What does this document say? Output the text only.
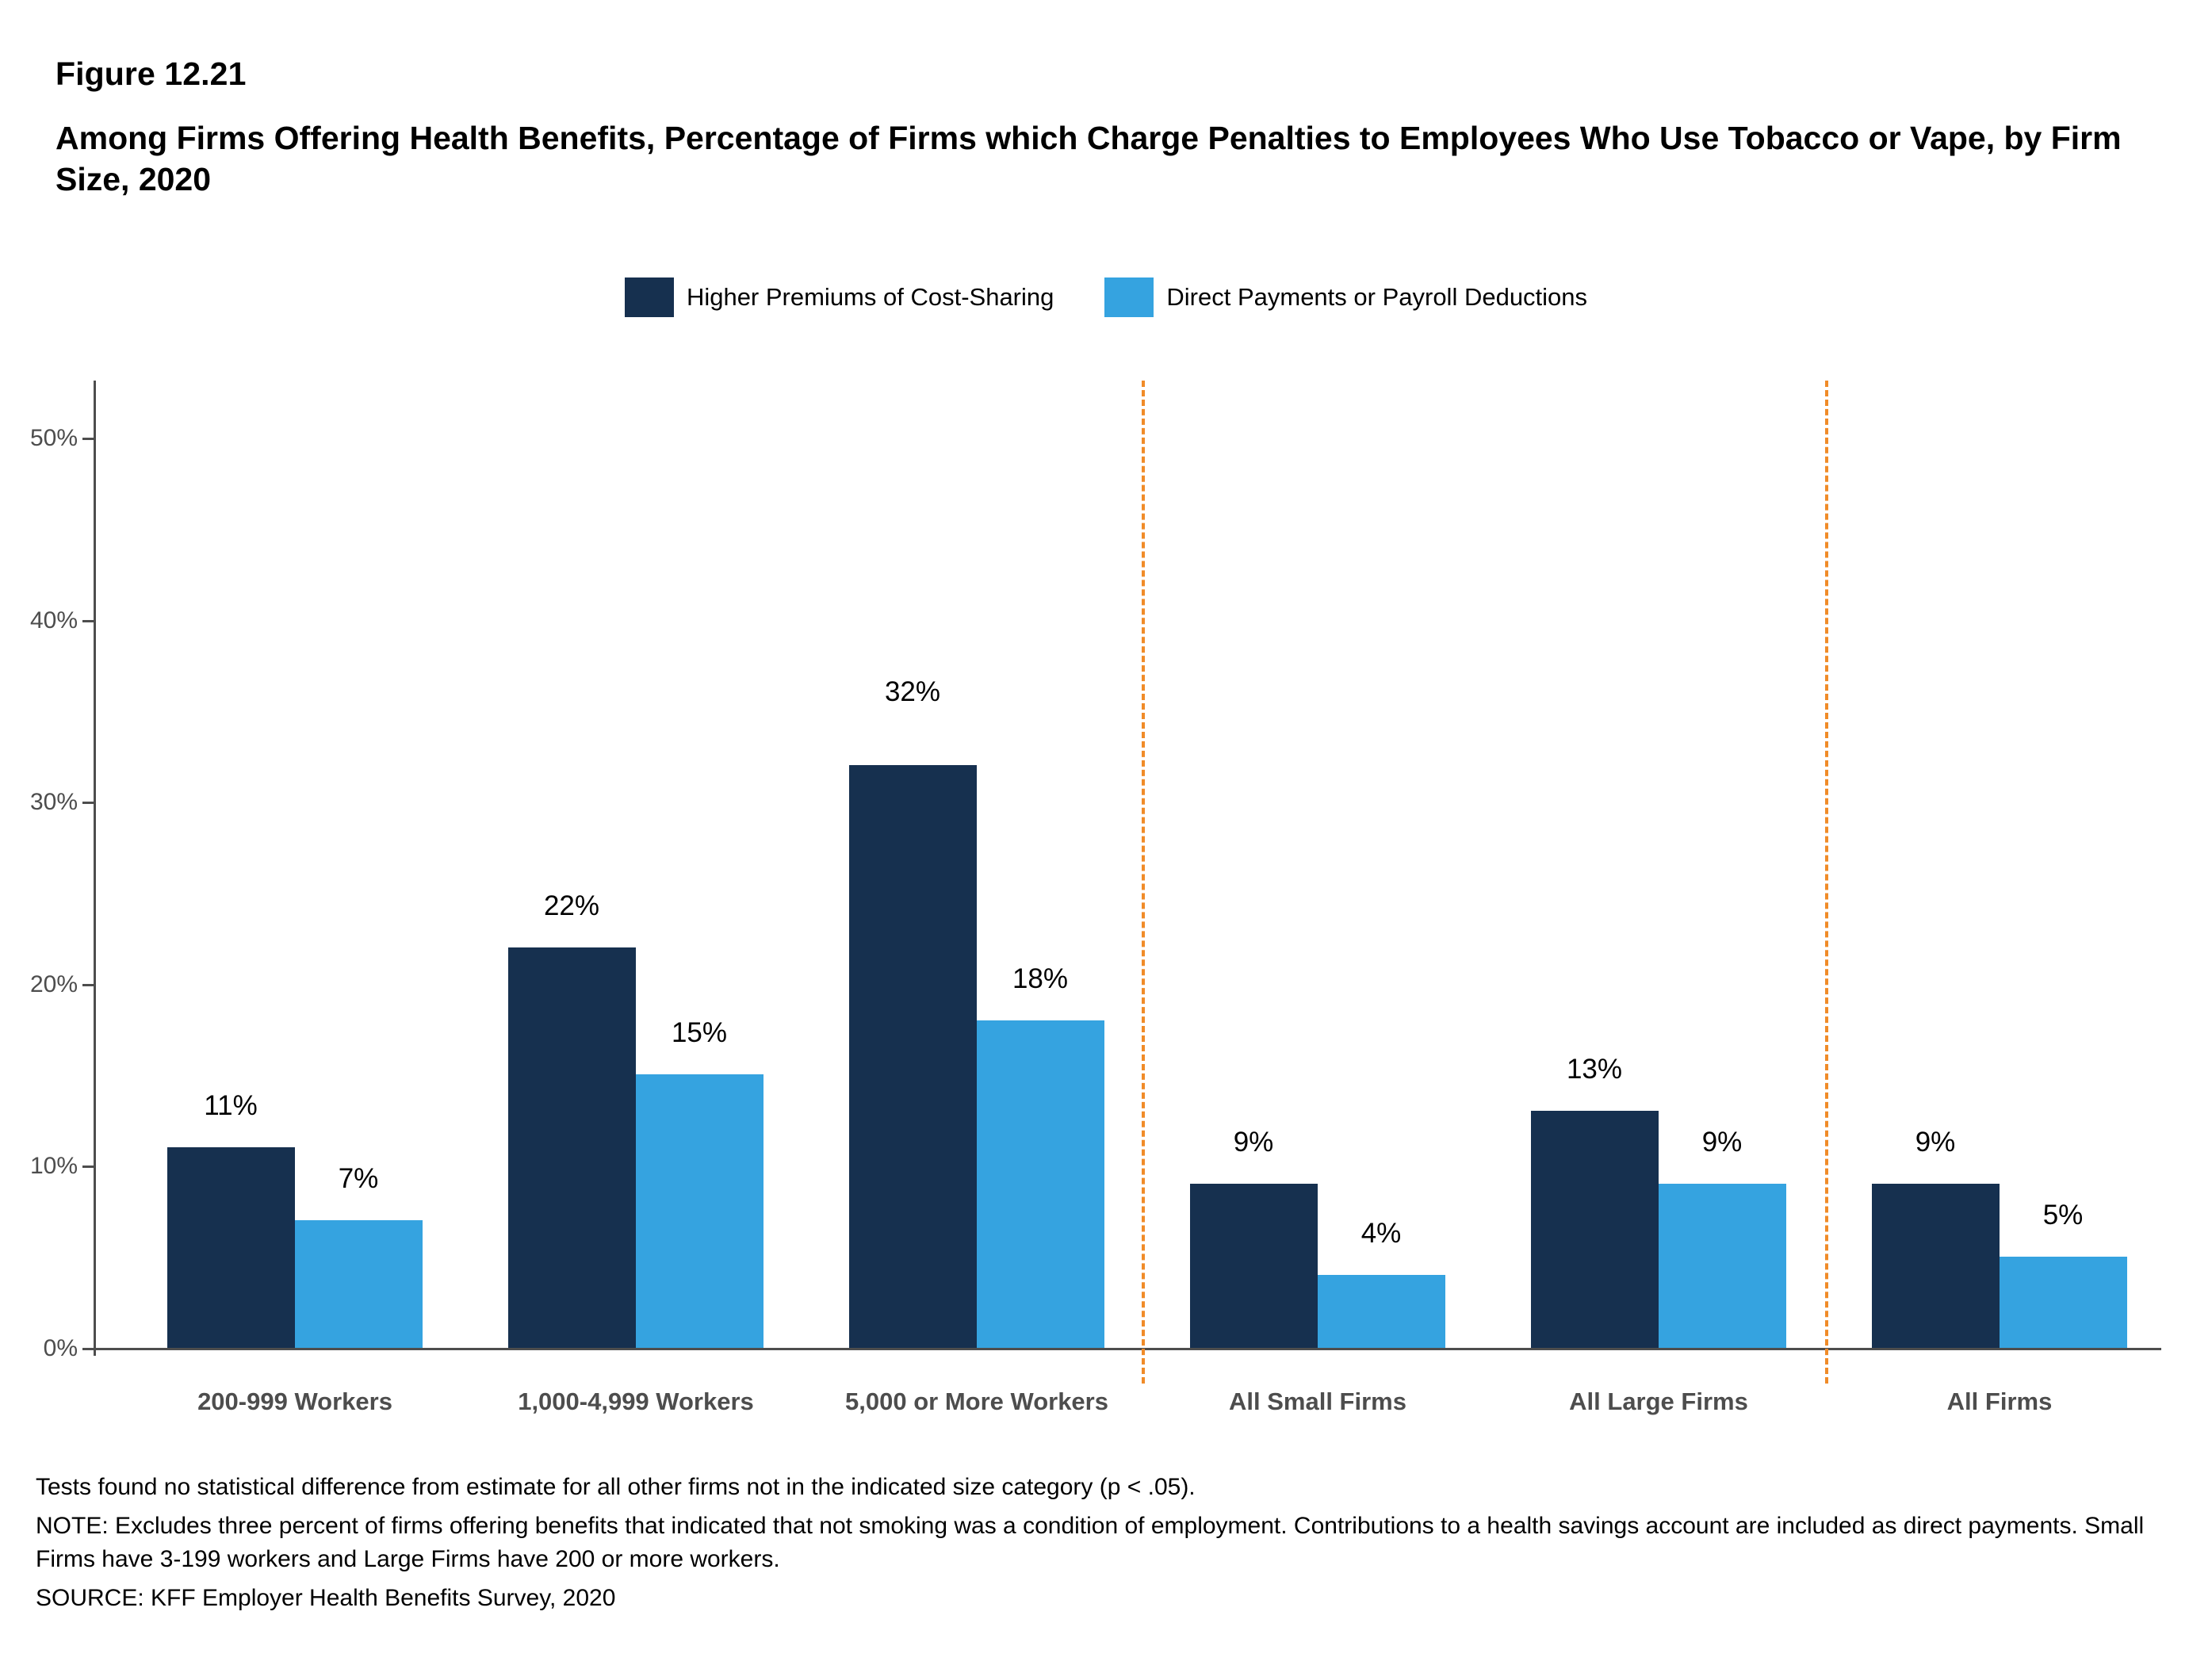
Figure 12.21
Among Firms Offering Health Benefits, Percentage of Firms which Charge Penalties to Employees Who Use Tobacco or Vape, by Firm Size, 2020
Higher Premiums of Cost-Sharing	Direct Payments or Payroll Deductions
0%
10%
20%
30%
40%
50%
11%
7%
200-999 Workers
22%
15%
1,000-4,999 Workers
32%
18%
5,000 or More Workers
9%
4%
All Small Firms
13%
9%
All Large Firms
9%
5%
All Firms

Tests found no statistical difference from estimate for all other firms not in the indicated size category (p < .05).

NOTE: Excludes three percent of firms offering benefits that indicated that not smoking was a condition of employment. Contributions to a health savings account are included as direct payments. Small Firms have 3-199 workers and Large Firms have 200 or more workers.

SOURCE: KFF Employer Health Benefits Survey, 2020
